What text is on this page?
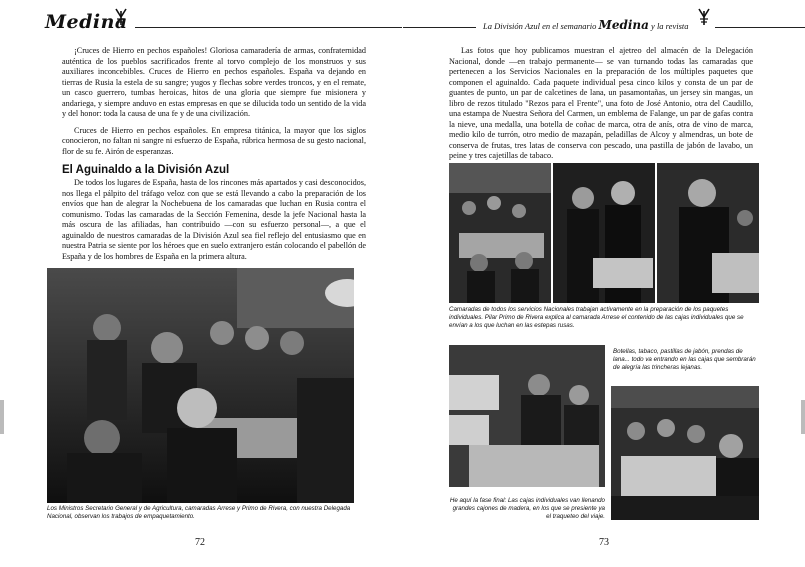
Medina

¡Cruces de Hierro en pechos españoles! Gloriosa camaradería de armas, confraternidad auténtica de los pueblos sacrificados frente al torvo complejo de los monstruos y sus auxiliares inconcebibles. Cruces de Hierro en pechos españoles. España va dejando en tierras de Rusia la estela de su sangre; yugos y flechas sobre verdes troncos, y en el remate, un casco guerrero, tumbas heroicas, hitos de una gloria que siempre fue misionera y andariega, y siempre anduvo en estas empresas en que se dilucida todo un sentido de la vida y del honor: toda la causa de una fe y de una civilización.

Cruces de Hierro en pechos españoles. En empresa titánica, la mayor que los siglos conocieron, no faltan ni sangre ni esfuerzo de España, rúbrica hermosa de su gesto nacional, flor de su fe. Airón de esperanzas.

El Aguinaldo a la División Azul

De todos los lugares de España, hasta de los rincones más apartados y casi desconocidos, nos llega el pálpito del tráfago veloz con que se está llevando a cabo la preparación de los envíos que han de alegrar la Nochebuena de los camaradas que luchan en Rusia contra el comunismo. Todas las camaradas de la Sección Femenina, desde la jefe Nacional hasta la más oscura de las afiliadas, han contribuido —con su esfuerzo personal—, a que el aguinaldo de nuestros camaradas de la División Azul sea fiel reflejo del entusiasmo que en nuestra Patria se siente por los héroes que en suelo extranjero están colocando el pabellón de España y de los hombres de España en la primera altura.

Los Ministros Secretario General y de Agricultura, camaradas Arrese y Primo de Rivera, con nuestra Delegada Nacional, observan los trabajos de empaquetamiento.
72
La División Azul en el semanario Medina y la revista

Las fotos que hoy publicamos muestran el ajetreo del almacén de la Delegación Nacional, donde —en trabajo permanente— se van turnando todas las camaradas que pertenecen a los Servicios Nacionales en la preparación de los múltiples paquetes que componen el aguinaldo. Cada paquete individual pesa cinco kilos y consta de un par de guantes de punto, un par de calcetines de lana, un pasamontañas, un jersey sin mangas, un libro de rezos titulado "Rezos para el Frente", una foto de José Antonio, otra del Caudillo, una estampa de Nuestra Señora del Carmen, un emblema de Falange, un par de gafas contra la nieve, una medalla, una botella de coñac de marca, otra de anís, otra de vino de marca, medio kilo de turrón, otro medio de mazapán, peladillas de Alcoy y almendras, un bote de conserva de frutas, tres latas de conserva con pescado, una pastilla de jabón de lavabo, un peine y tres cajetillas de tabaco.

Camaradas de todos los servicios Nacionales trabajan activamente en la preparación de los paquetes individuales. Pilar Primo de Rivera explica al camarada Arrese el contenido de las cajas individuales que se envían a los que luchan en las estepas rusas.
Botellas, tabaco, pastillas de jabón, prendas de lana... todo va entrando en las cajas que sembrarán de alegría las trincheras lejanas.
He aquí la fase final: Las cajas individuales van llenando grandes cajones de madera, en los que se presiente ya el traqueteo del viaje.
73
